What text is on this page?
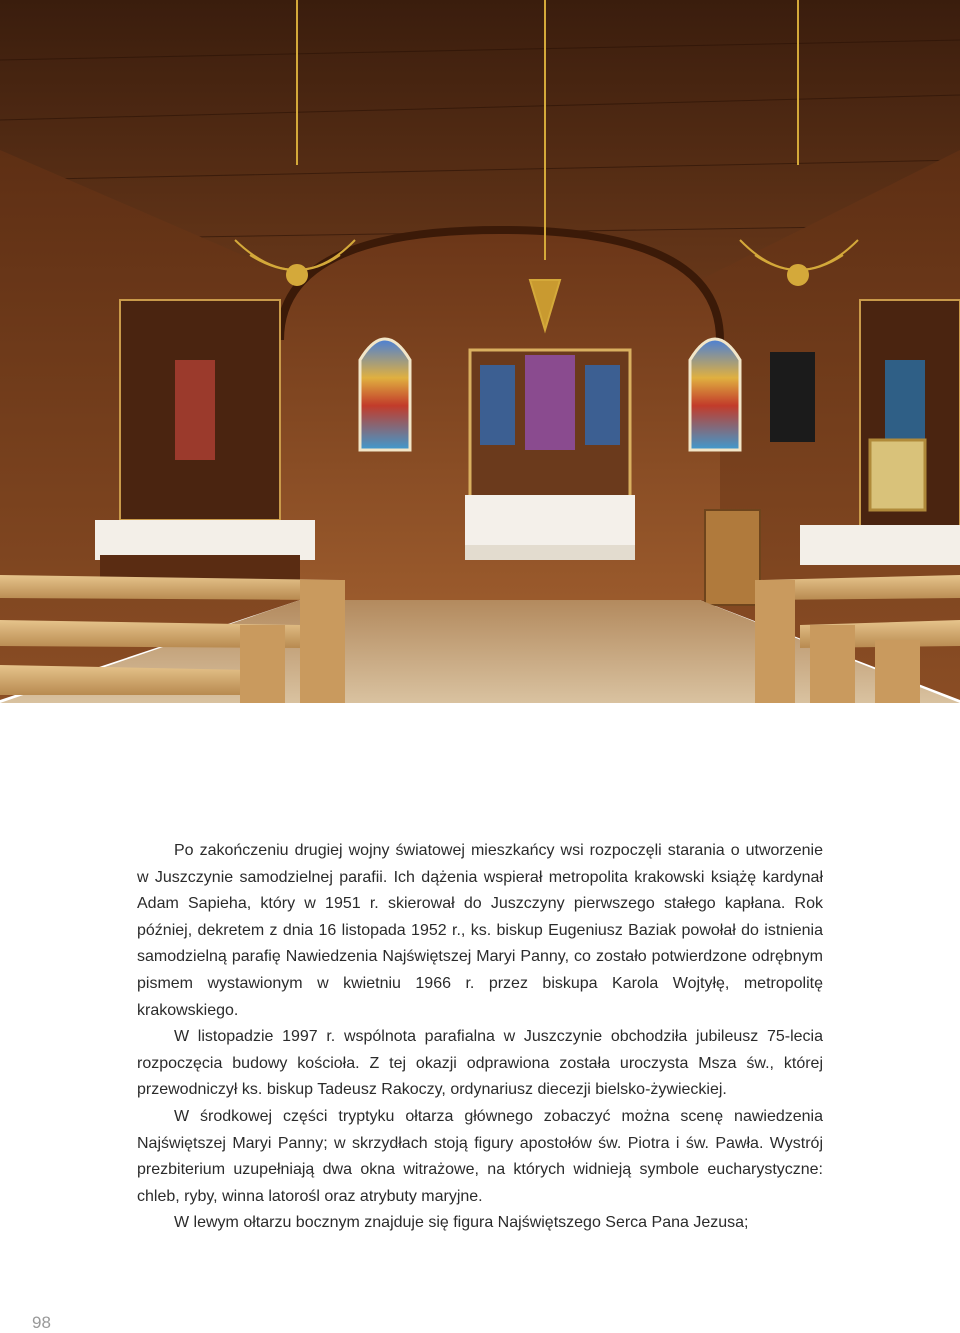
Po zakończeniu drugiej wojny światowej mieszkańcy wsi rozpoczęli starania o utworzenie w Juszczynie samodzielnej parafii. Ich dążenia wspierał metropolita krakowski książę kardynał Adam Sapieha, który w 1951 r. skierował do Juszczyny pierwszego stałego kapłana. Rok później, dekretem z dnia 16 listopada 1952 r., ks. biskup Eugeniusz Baziak powołał do istnienia samodzielną parafię Nawiedzenia Najświętszej Maryi Panny, co zostało potwierdzone odrębnym pismem wystawionym w kwietniu 1966 r. przez biskupa Karola Wojtyłę, metropolitę krakowskiego.

W listopadzie 1997 r. wspólnota parafialna w Juszczynie obchodziła jubileusz 75-lecia rozpoczęcia budowy kościoła. Z tej okazji odprawiona została uroczysta Msza św., której przewodniczył ks. biskup Tadeusz Rakoczy, ordynariusz diecezji bielsko-żywieckiej.

W środkowej części tryptyku ołtarza głównego zobaczyć można scenę nawiedzenia Najświętszej Maryi Panny; w skrzydłach stoją figury apostołów św. Piotra i św. Pawła. Wystrój prezbiterium uzupełniają dwa okna witrażowe, na których widnieją symbole eucharystyczne: chleb, ryby, winna latorośl oraz atrybuty maryjne.

W lewym ołtarzu bocznym znajduje się figura Najświętszego Serca Pana Jezusa;

98
